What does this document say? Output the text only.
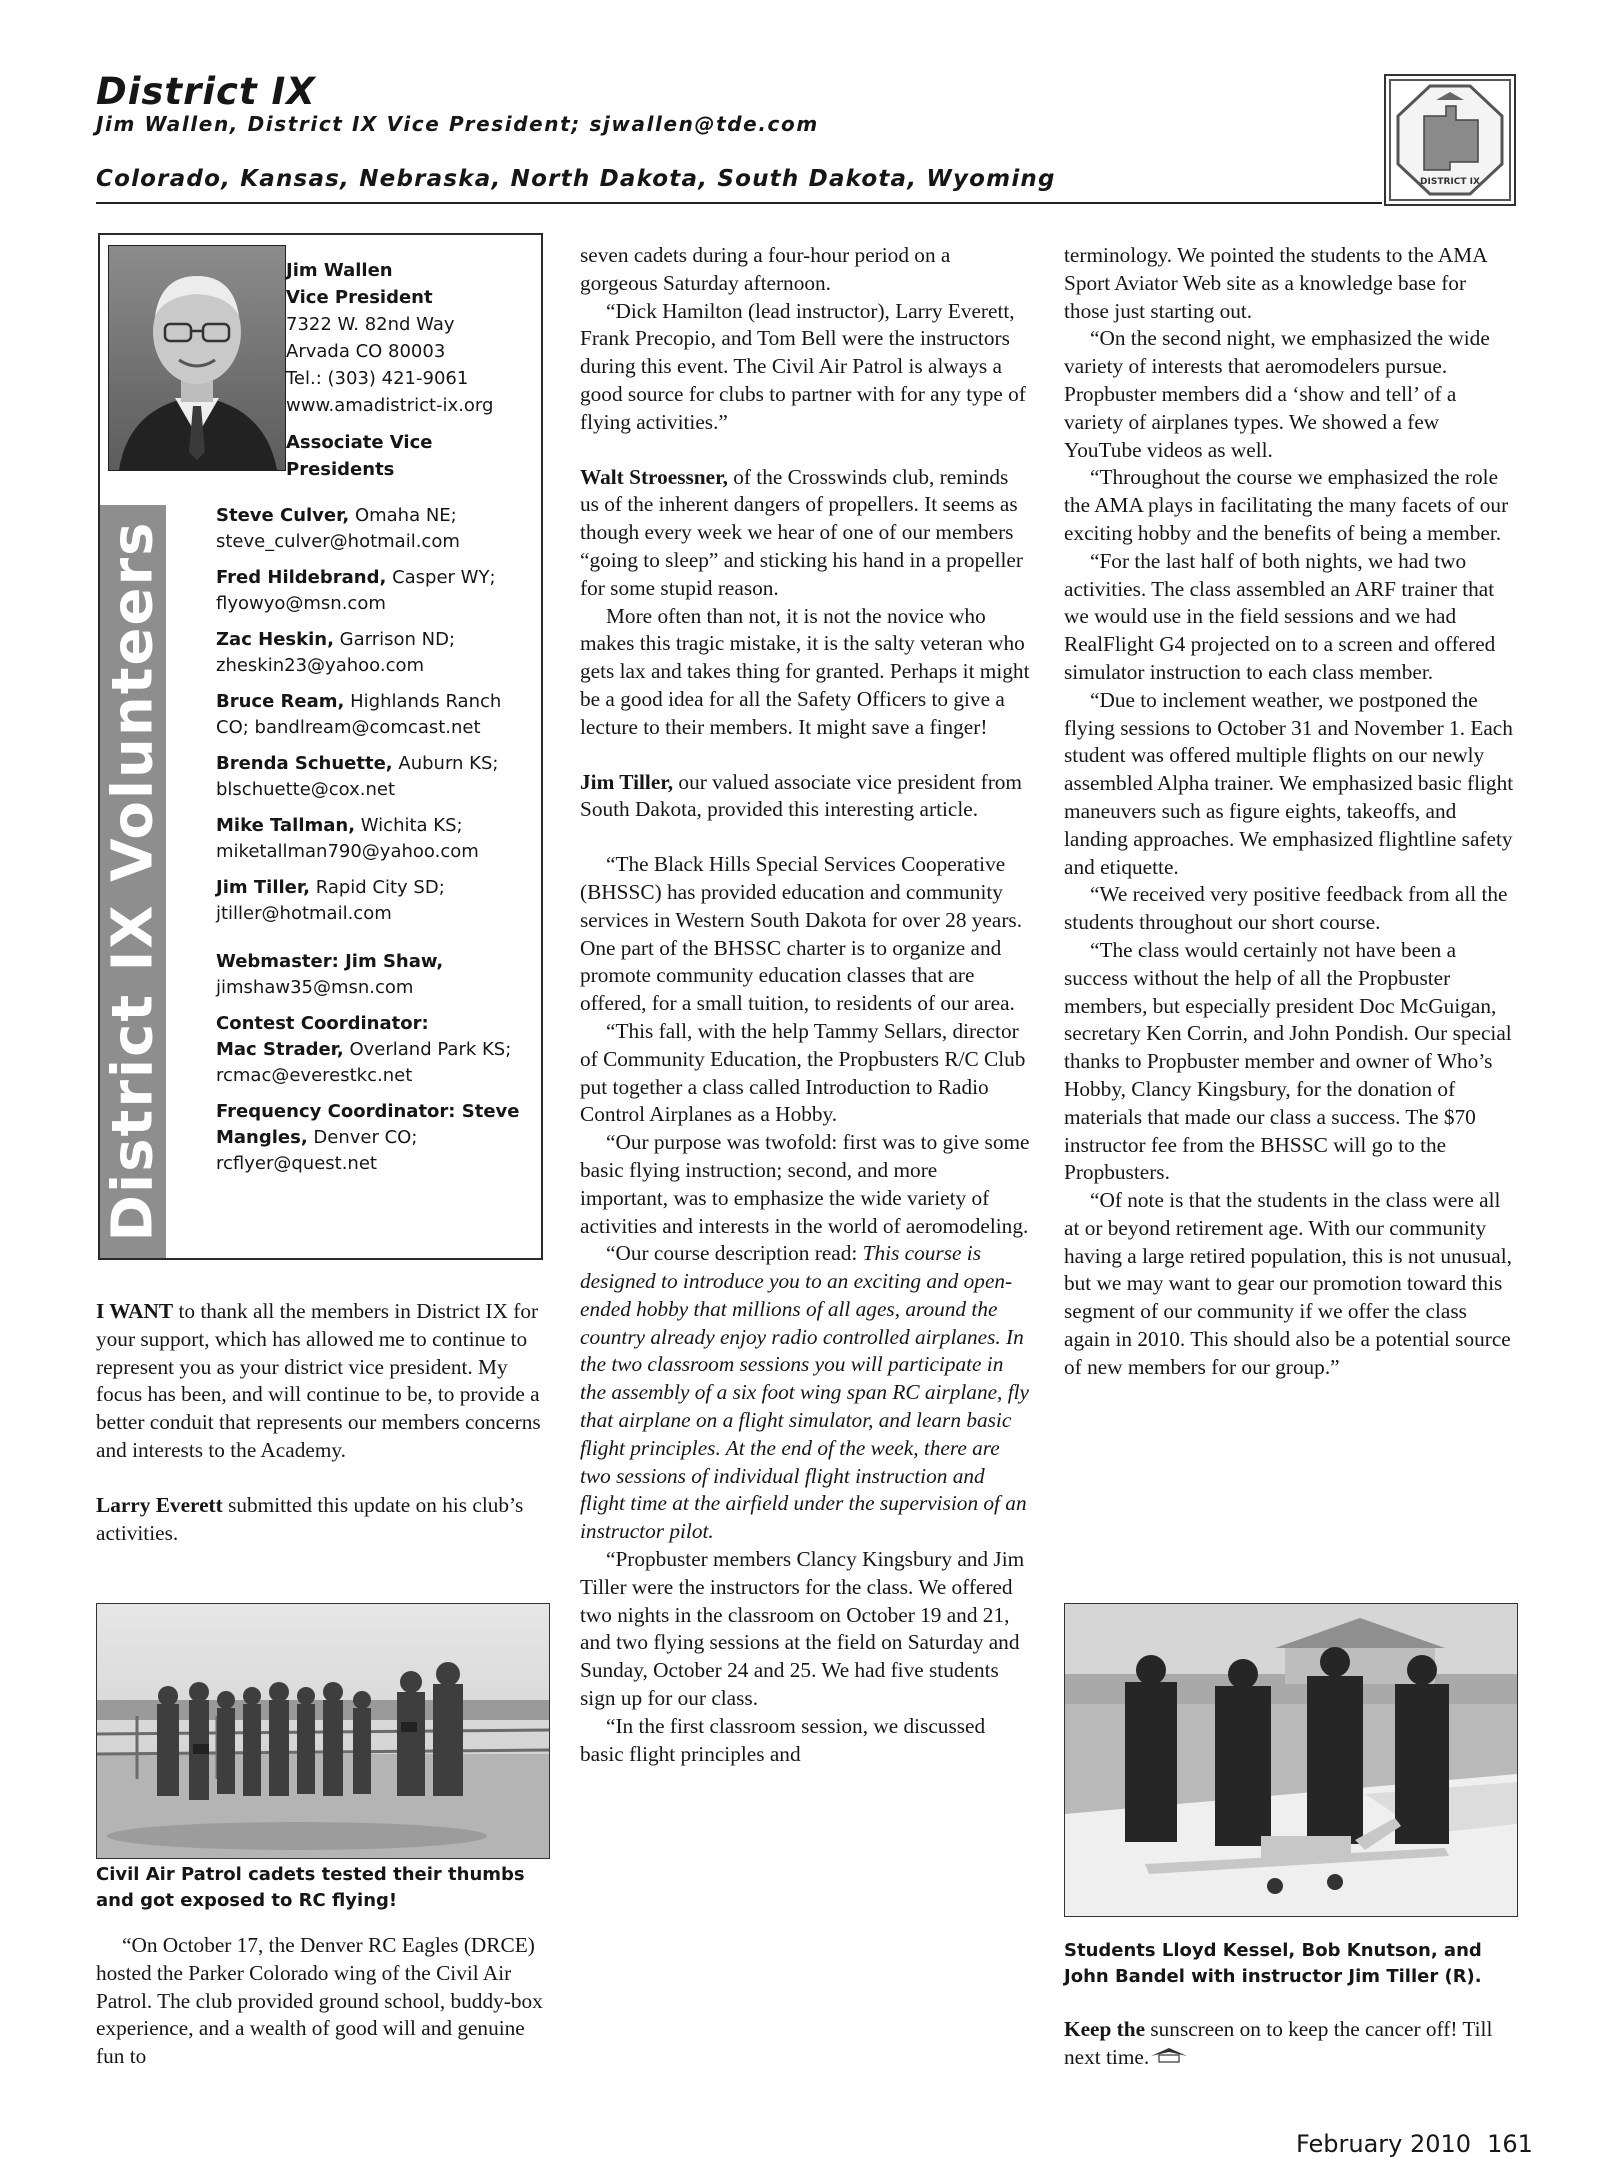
District IX
Jim Wallen, District IX Vice President; sjwallen@tde.com
Colorado, Kansas, Nebraska, North Dakota, South Dakota, Wyoming	DISTRICT IX
District IX Volunteers
Jim Wallen
Vice President
7322 W. 82nd Way
Arvada CO 80003
Tel.: (303) 421-9061
www.amadistrict-ix.org
Associate Vice Presidents
Steve Culver, Omaha NE;
steve_culver@hotmail.com
Fred Hildebrand, Casper WY;
flyowyo@msn.com
Zac Heskin, Garrison ND;
zheskin23@yahoo.com
Bruce Ream, Highlands Ranch CO; bandlream@comcast.net
Brenda Schuette, Auburn KS;
blschuette@cox.net
Mike Tallman, Wichita KS;
miketallman790@yahoo.com
Jim Tiller, Rapid City SD;
jtiller@hotmail.com
Webmaster: Jim Shaw,
jimshaw35@msn.com
Contest Coordinator:
Mac Strader, Overland Park KS;
rcmac@everestkc.net
Frequency Coordinator: Steve Mangles, Denver CO;
rcflyer@quest.net

I WANT to thank all the members in District IX for your support, which has allowed me to continue to represent you as your district vice president. My focus has been, and will continue to be, to provide a better conduit that represents our members concerns and interests to the Academy.

Larry Everett submitted this update on his club’s activities.

Civil Air Patrol cadets tested their thumbs and got exposed to RC flying!

“On October 17, the Denver RC Eagles (DRCE) hosted the Parker Colorado wing of the Civil Air Patrol. The club provided ground school, buddy-box experience, and a wealth of good will and genuine fun to

seven cadets during a four-hour period on a gorgeous Saturday afternoon.

“Dick Hamilton (lead instructor), Larry Everett, Frank Precopio, and Tom Bell were the instructors during this event. The Civil Air Patrol is always a good source for clubs to partner with for any type of flying activities.”

Walt Stroessner, of the Crosswinds club, reminds us of the inherent dangers of propellers. It seems as though every week we hear of one of our members “going to sleep” and sticking his hand in a propeller for some stupid reason.

More often than not, it is not the novice who makes this tragic mistake, it is the salty veteran who gets lax and takes thing for granted. Perhaps it might be a good idea for all the Safety Officers to give a lecture to their members. It might save a finger!

Jim Tiller, our valued associate vice president from South Dakota, provided this interesting article.

“The Black Hills Special Services Cooperative (BHSSC) has provided education and community services in Western South Dakota for over 28 years. One part of the BHSSC charter is to organize and promote community education classes that are offered, for a small tuition, to residents of our area.

“This fall, with the help Tammy Sellars, director of Community Education, the Propbusters R/C Club put together a class called Introduction to Radio Control Airplanes as a Hobby.

“Our purpose was twofold: first was to give some basic flying instruction; second, and more important, was to emphasize the wide variety of activities and interests in the world of aeromodeling.

“Our course description read: This course is designed to introduce you to an exciting and open-ended hobby that millions of all ages, around the country already enjoy radio controlled airplanes. In the two classroom sessions you will participate in the assembly of a six foot wing span RC airplane, fly that airplane on a flight simulator, and learn basic flight principles. At the end of the week, there are two sessions of individual flight instruction and flight time at the airfield under the supervision of an instructor pilot.

“Propbuster members Clancy Kingsbury and Jim Tiller were the instructors for the class. We offered two nights in the classroom on October 19 and 21, and two flying sessions at the field on Saturday and Sunday, October 24 and 25. We had five students sign up for our class.

“In the first classroom session, we discussed basic flight principles and

terminology. We pointed the students to the AMA Sport Aviator Web site as a knowledge base for those just starting out.

“On the second night, we emphasized the wide variety of interests that aeromodelers pursue. Propbuster members did a ‘show and tell’ of a variety of airplanes types. We showed a few YouTube videos as well.

“Throughout the course we emphasized the role the AMA plays in facilitating the many facets of our exciting hobby and the benefits of being a member.

“For the last half of both nights, we had two activities. The class assembled an ARF trainer that we would use in the field sessions and we had RealFlight G4 projected on to a screen and offered simulator instruction to each class member.

“Due to inclement weather, we postponed the flying sessions to October 31 and November 1. Each student was offered multiple flights on our newly assembled Alpha trainer. We emphasized basic flight maneuvers such as figure eights, takeoffs, and landing approaches. We emphasized flightline safety and etiquette.

“We received very positive feedback from all the students throughout our short course.

“The class would certainly not have been a success without the help of all the Propbuster members, but especially president Doc McGuigan, secretary Ken Corrin, and John Pondish. Our special thanks to Propbuster member and owner of Who’s Hobby, Clancy Kingsbury, for the donation of materials that made our class a success. The $70 instructor fee from the BHSSC will go to the Propbusters.

“Of note is that the students in the class were all at or beyond retirement age. With our community having a large retired population, this is not unusual, but we may want to gear our promotion toward this segment of our community if we offer the class again in 2010. This should also be a potential source of new members for our group.”

Students Lloyd Kessel, Bob Knutson, and John Bandel with instructor Jim Tiller (R).

Keep the sunscreen on to keep the cancer off! Till next time.

February 2010 161
